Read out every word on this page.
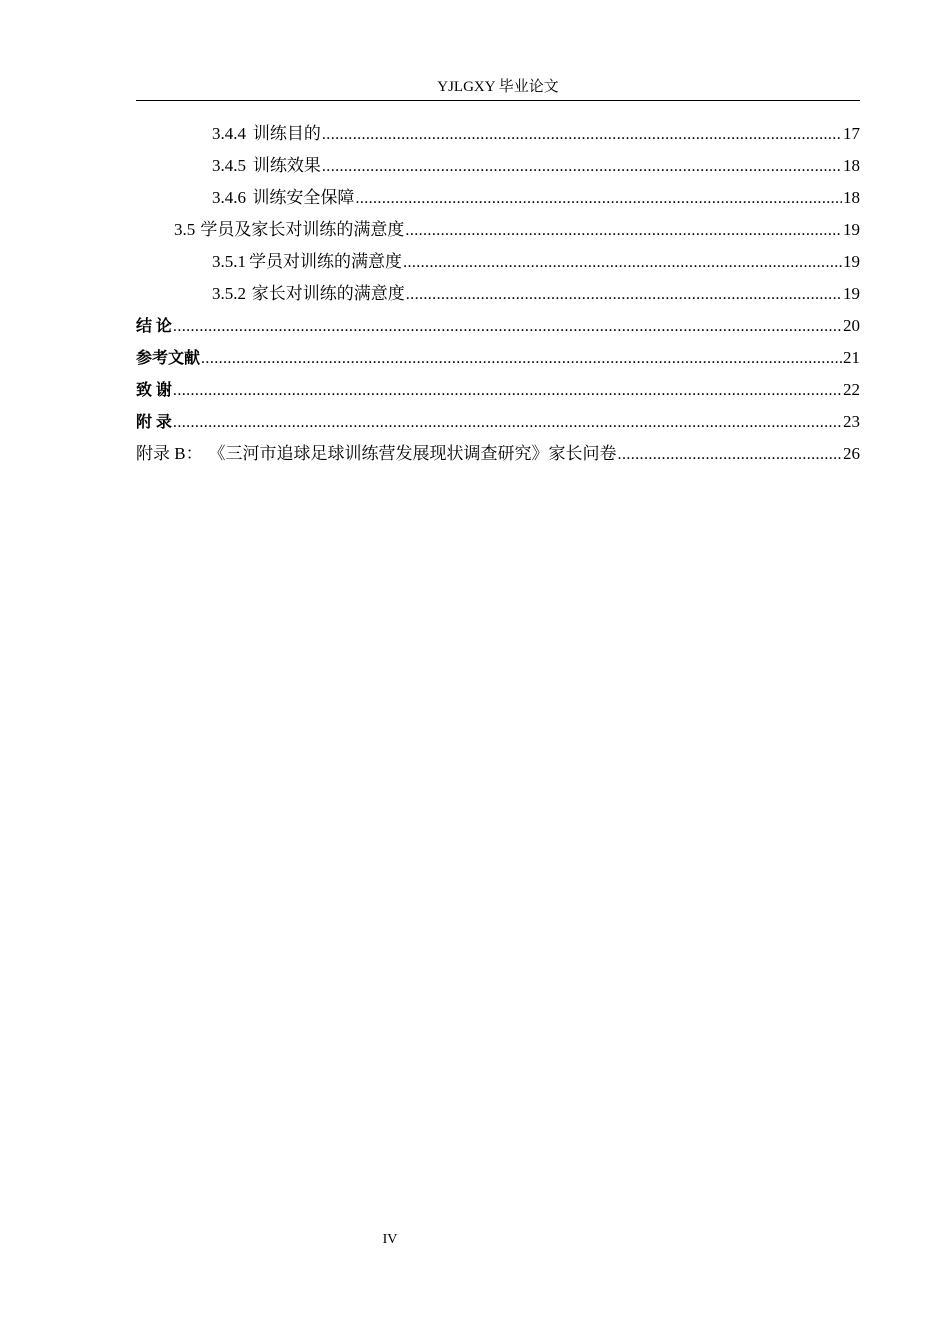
YJLGXY 毕业论文
3.4.4 训练目的 .....	17
3.4.5 训练效果 .....	18
3.4.6 训练安全保障 .....	18
3.5 学员及家长对训练的满意度 .....	19
3.5.1 学员对训练的满意度 .....	19
3.5.2 家长对训练的满意度 .....	19
结论 .....	20
参考文献 .....	21
致谢 .....	22
附录 .....	23
附录 B： 《三河市追球足球训练营发展现状调查研究》家长问卷 .....	26
IV
